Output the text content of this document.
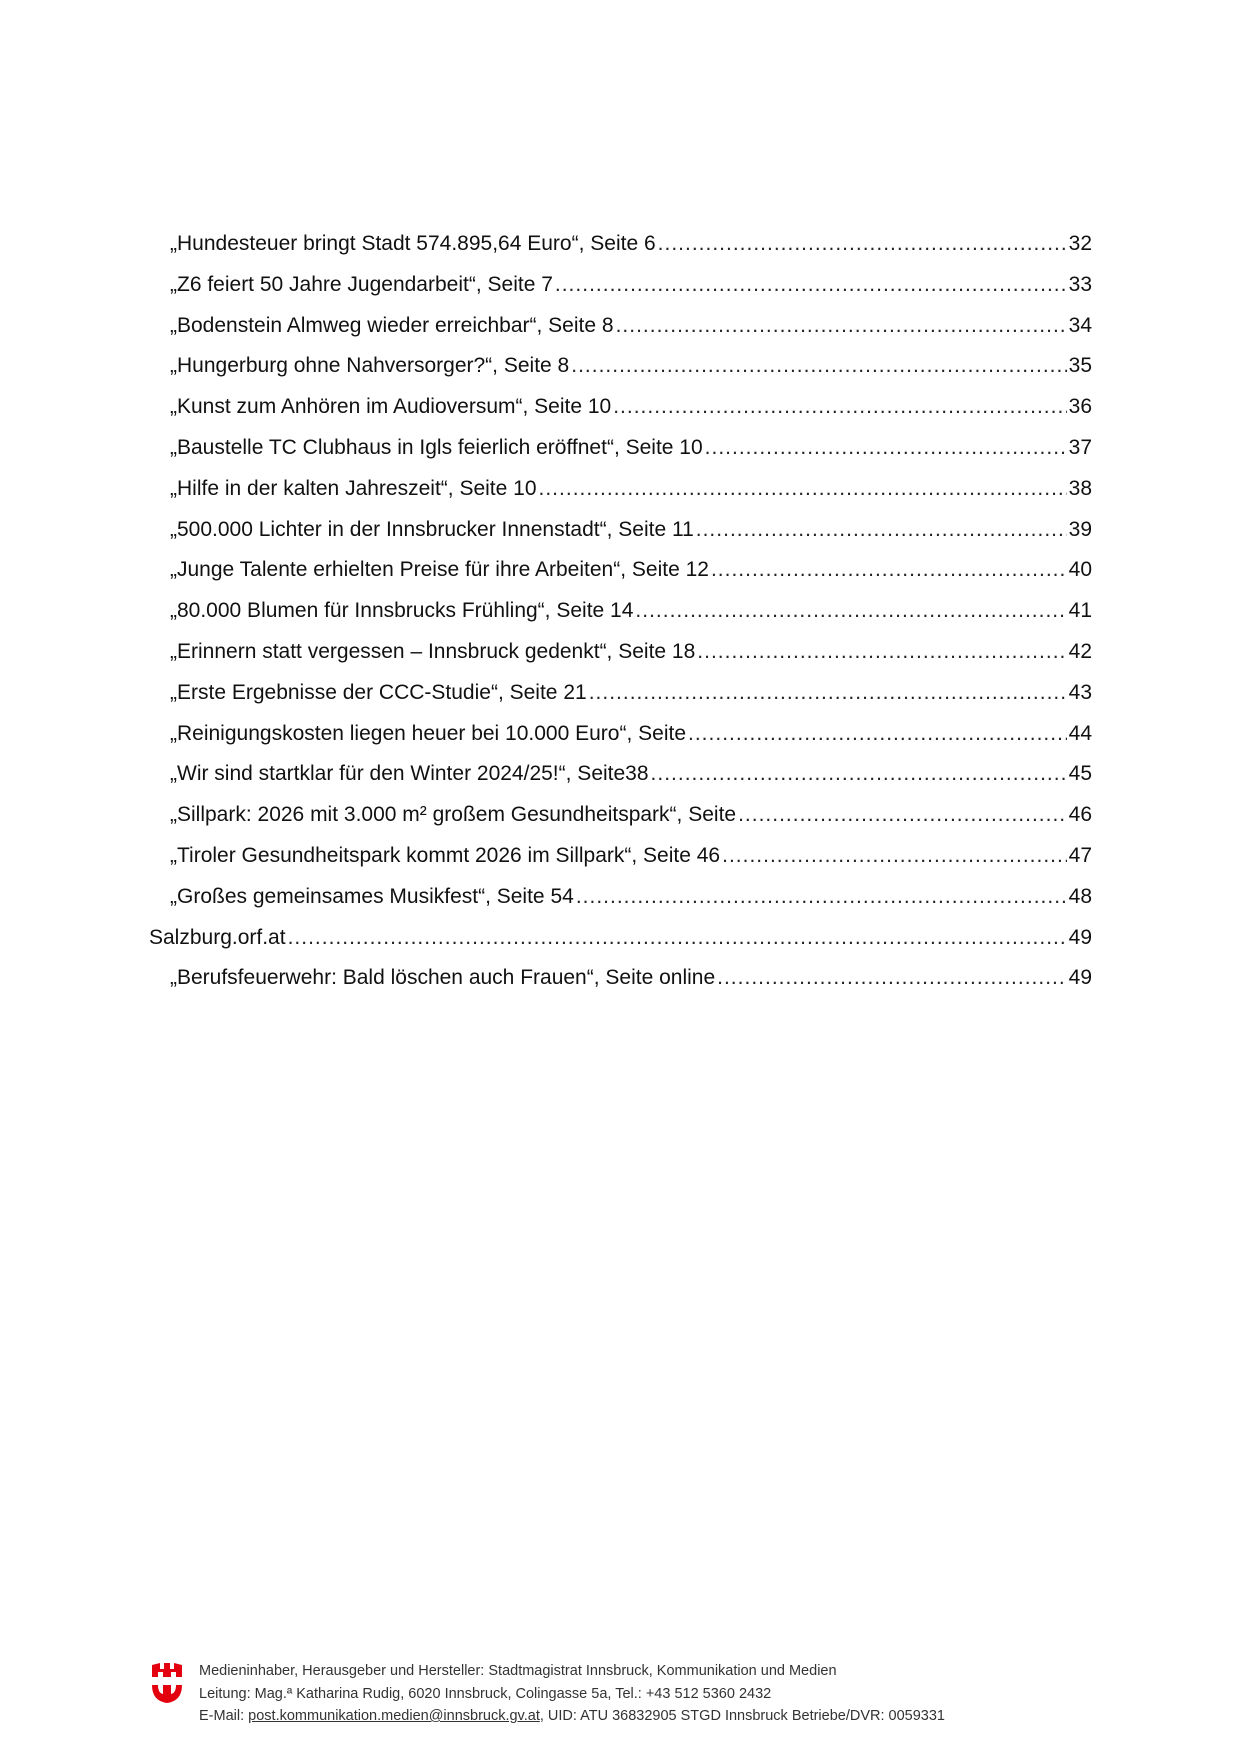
„Hundesteuer bringt Stadt 574.895,64 Euro“, Seite 6 .....	32
„Z6 feiert 50 Jahre Jugendarbeit“, Seite 7 .....	33
„Bodenstein Almweg wieder erreichbar“, Seite 8 .....	34
„Hungerburg ohne Nahversorger?“, Seite 8 .....	35
„Kunst zum Anhören im Audioversum“, Seite 10 .....	36
„Baustelle TC Clubhaus in Igls feierlich eröffnet“, Seite 10 .....	37
„Hilfe in der kalten Jahreszeit“, Seite 10 .....	38
„500.000 Lichter in der Innsbrucker Innenstadt“, Seite 11 .....	39
„Junge Talente erhielten Preise für ihre Arbeiten“, Seite 12 .....	40
„80.000 Blumen für Innsbrucks Frühling“, Seite 14 .....	41
„Erinnern statt vergessen – Innsbruck gedenkt“, Seite 18 .....	42
„Erste Ergebnisse der CCC-Studie“, Seite 21 .....	43
„Reinigungskosten liegen heuer bei 10.000 Euro“, Seite .....	44
„Wir sind startklar für den Winter 2024/25!“, Seite38 .....	45
„Sillpark: 2026 mit 3.000 m² großem Gesundheitspark“, Seite .....	46
„Tiroler Gesundheitspark kommt 2026 im Sillpark“, Seite 46 .....	47
„Großes gemeinsames Musikfest“, Seite 54 .....	48
Salzburg.orf.at .....	49
„Berufsfeuerwehr: Bald löschen auch Frauen“, Seite online .....	49
Medieninhaber, Herausgeber und Hersteller: Stadtmagistrat Innsbruck, Kommunikation und Medien
Leitung: Mag.ª Katharina Rudig, 6020 Innsbruck, Colingasse 5a, Tel.: +43 512 5360 2432
E-Mail: post.kommunikation.medien@innsbruck.gv.at, UID: ATU 36832905 STGD Innsbruck Betriebe/DVR: 0059331
